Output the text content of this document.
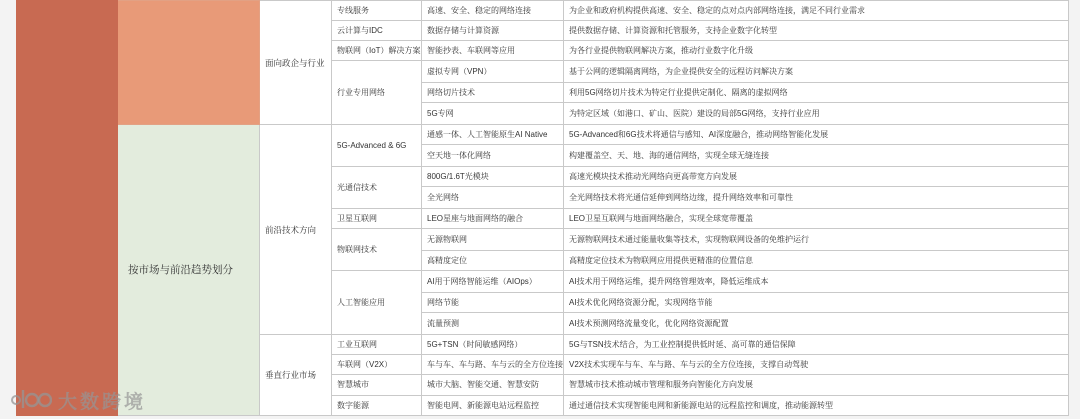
		面向政企与行业	专线服务	高速、安全、稳定的网络连接	为企业和政府机构提供高速、安全、稳定的点对点内部网络连接，满足不同行业需求
			云计算与IDC	数据存储与计算资源	提供数据存储、计算资源和托管服务，支持企业数字化转型
			物联网（IoT）解决方案	智能抄表、车联网等应用	为各行业提供物联网解决方案，推动行业数字化升级
			行业专用网络	虚拟专网（VPN）	基于公网的逻辑隔离网络，为企业提供安全的远程访问解决方案
				网络切片技术	利用5G网络切片技术为特定行业提供定制化、隔离的虚拟网络
				5G专网	为特定区域（如港口、矿山、医院）建设的局部5G网络，支持行业应用
	按市场与前沿趋势划分	前沿技术方向	5G-Advanced & 6G	通感一体、人工智能原生AI Native	5G-Advanced和6G技术将通信与感知、AI深度融合，推动网络智能化发展
				空天地一体化网络	构建覆盖空、天、地、海的通信网络，实现全球无缝连接
			光通信技术	800G/1.6T光模块	高速光模块技术推动光网络向更高带宽方向发展
				全光网络	全光网络技术将光通信延伸到网络边缘，提升网络效率和可靠性
			卫星互联网	LEO星座与地面网络的融合	LEO卫星互联网与地面网络融合，实现全球宽带覆盖
			物联网技术	无源物联网	无源物联网技术通过能量收集等技术，实现物联网设备的免维护运行
				高精度定位	高精度定位技术为物联网应用提供更精准的位置信息
			人工智能应用	AI用于网络智能运维（AIOps）	AI技术用于网络运维，提升网络管理效率，降低运维成本
				网络节能	AI技术优化网络资源分配，实现网络节能
				流量预测	AI技术预测网络流量变化，优化网络资源配置
		垂直行业市场	工业互联网	5G+TSN（时间敏感网络）	5G与TSN技术结合，为工业控制提供低时延、高可靠的通信保障
			车联网（V2X）	车与车、车与路、车与云的全方位连接	V2X技术实现车与车、车与路、车与云的全方位连接，支撑自动驾驶
			智慧城市	城市大脑、智能交通、智慧安防	智慧城市技术推动城市管理和服务向智能化方向发展
			数字能源	智能电网、新能源电站远程监控	通过通信技术实现智能电网和新能源电站的远程监控和调度，推动能源转型
大数跨境
